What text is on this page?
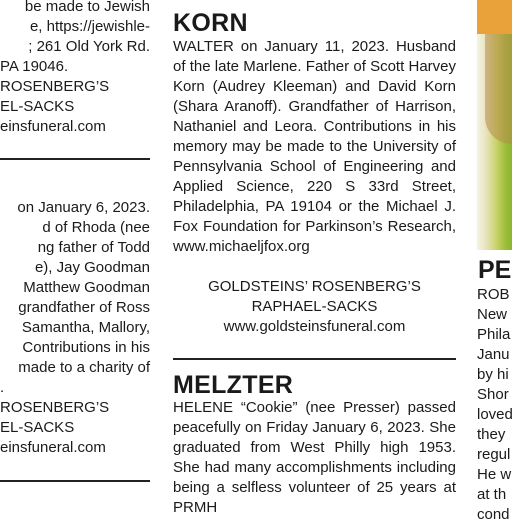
be made to Jewish
e, https://jewishle-
; 261 Old York Rd.
PA 19046.
ROSENBERG’S
EL-SACKS
einsfuneral.com
on January 6, 2023.
d of Rhoda (nee
ng father of Todd
e), Jay Goodman
Matthew Goodman
grandfather of Ross
Samantha, Mallory,
Contributions in his
made to a charity of
.
ROSENBERG’S
EL-SACKS
einsfuneral.com
KORN
WALTER on January 11, 2023. Husband of the late Marlene. Father of Scott Harvey Korn (Audrey Kleeman) and David Korn (Shara Aranoff). Grandfather of Harrison, Nathaniel and Leora. Contributions in his memory may be made to the University of Pennsylvania School of Engineering and Applied Science, 220 S 33rd Street, Philadelphia, PA 19104 or the Michael J. Fox Foundation for Parkinson’s Research, www.michaeljfox.org
GOLDSTEINS’ ROSENBERG’S
RAPHAEL-SACKS
www.goldsteinsfuneral.com
MELZTER
HELENE “Cookie” (nee Presser) passed peacefully on Friday January 6, 2023. She graduated from West Philly high 1953. She had many accomplishments including being a selfless volunteer of 25 years at PRMH
PE
ROB
New
Phila
Janu
by hi
Shor
loved
they
regul
He w
at th
cond
